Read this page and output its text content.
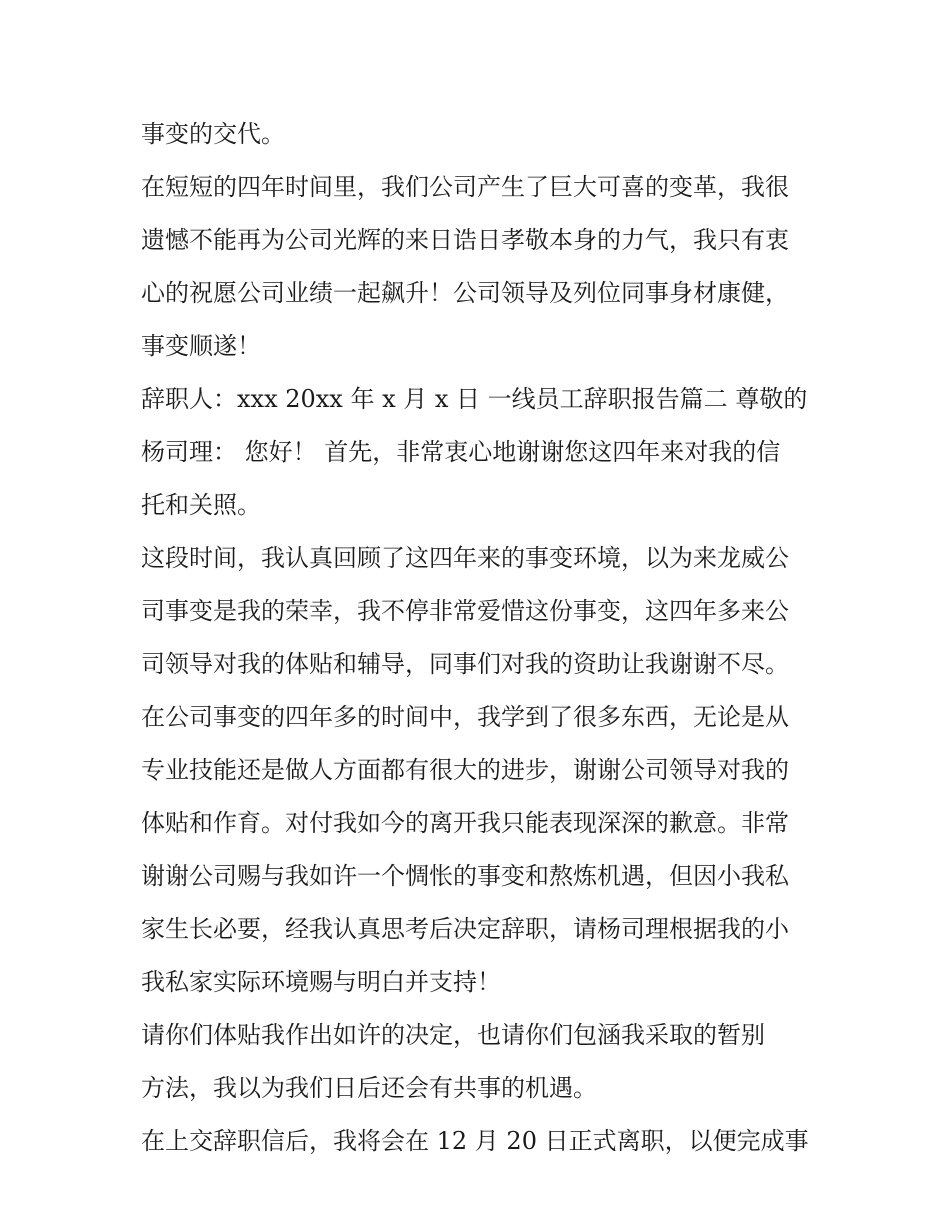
事变的交代。
在短短的四年时间里，我们公司产生了巨大可喜的变革，我很
遗憾不能再为公司光辉的来日诰日孝敬本身的力气，我只有衷
心的祝愿公司业绩一起飙升！公司领导及列位同事身材康健，
事变顺遂！
辞职人：xxx 20xx 年 x 月 x 日 一线员工辞职报告篇二 尊敬的
杨司理： 您好！ 首先，非常衷心地谢谢您这四年来对我的信
托和关照。
这段时间，我认真回顾了这四年来的事变环境，以为来龙威公
司事变是我的荣幸，我不停非常爱惜这份事变，这四年多来公
司领导对我的体贴和辅导，同事们对我的资助让我谢谢不尽。
在公司事变的四年多的时间中，我学到了很多东西，无论是从
专业技能还是做人方面都有很大的进步，谢谢公司领导对我的
体贴和作育。对付我如今的离开我只能表现深深的歉意。非常
谢谢公司赐与我如许一个惆怅的事变和熬炼机遇，但因小我私
家生长必要，经我认真思考后决定辞职，请杨司理根据我的小
我私家实际环境赐与明白并支持！
请你们体贴我作出如许的决定，也请你们包涵我采取的暂别
方法，我以为我们日后还会有共事的机遇。
在上交辞职信后，我将会在 12 月 20 日正式离职，以便完成事
